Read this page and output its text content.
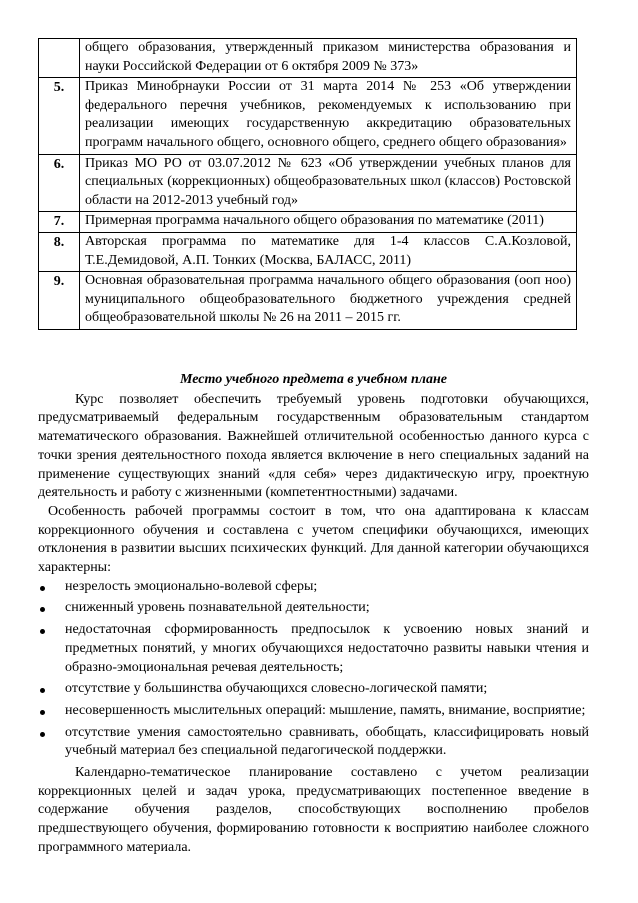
	общего образования, утвержденный приказом министерства образования и науки Российской Федерации от 6 октября 2009 № 373»
5.	Приказ Минобрнауки России от 31 марта 2014 № 253 «Об утверждении федерального перечня учебников, рекомендуемых к использованию при реализации имеющих государственную аккредитацию образовательных программ начального общего, основного общего, среднего общего образования»
6.	Приказ МО РО от 03.07.2012 № 623 «Об утверждении учебных планов для специальных (коррекционных) общеобразовательных школ (классов) Ростовской области на 2012-2013 учебный год»
7.	Примерная программа начального общего образования по математике (2011)
8.	Авторская программа по математике для 1-4 классов С.А.Козловой, Т.Е.Демидовой, А.П. Тонких (Москва, БАЛАСС, 2011)
9.	Основная образовательная программа начального общего образования (ооп ноо) муниципального общеобразовательного бюджетного учреждения средней общеобразовательной школы № 26 на 2011 – 2015 гг.
Место учебного предмета в учебном плане

Курс позволяет обеспечить требуемый уровень подготовки обучающихся, предусматриваемый федеральным государственным образовательным стандартом математического образования. Важнейшей отличительной особенностью данного курса с точки зрения деятельностного похода является включение в него специальных заданий на применение существующих знаний «для себя» через дидактическую игру, проектную деятельность и работу с жизненными (компетентностными) задачами.

Особенность рабочей программы состоит в том, что она адаптирована к классам коррекционного обучения и составлена с учетом специфики обучающихся, имеющих отклонения в развитии высших психических функций. Для данной категории обучающихся характерны:

незрелость эмоционально-волевой сферы;
сниженный уровень познавательной деятельности;
недостаточная сформированность предпосылок к усвоению новых знаний и предметных понятий, у многих обучающихся недостаточно развиты навыки чтения и образно-эмоциональная речевая деятельность;
отсутствие у большинства обучающихся словесно-логической памяти;
несовершенность мыслительных операций: мышление, память, внимание, восприятие;
отсутствие умения самостоятельно сравнивать, обобщать, классифицировать новый учебный материал без специальной педагогической поддержки.

Календарно-тематическое планирование составлено с учетом реализации коррекционных целей и задач урока, предусматривающих постепенное введение в содержание обучения разделов, способствующих восполнению пробелов предшествующего обучения, формированию готовности к восприятию наиболее сложного программного материала.
